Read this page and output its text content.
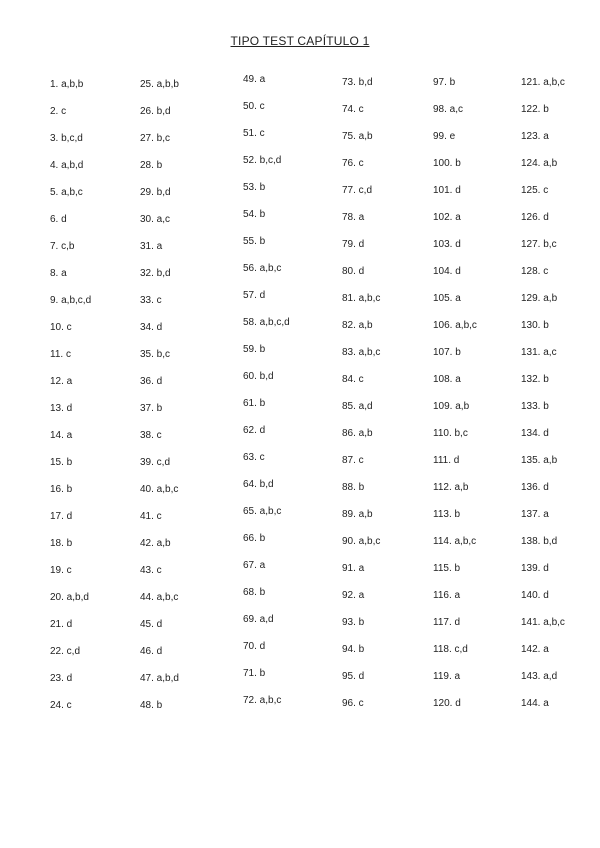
TIPO TEST CAPÍTULO 1
1. a,b,b
2. c
3. b,c,d
4. a,b,d
5. a,b,c
6. d
7. c,b
8. a
9. a,b,c,d
10. c
11. c
12. a
13. d
14. a
15. b
16. b
17. d
18. b
19. c
20. a,b,d
21. d
22. c,d
23. d
24. c
25. a,b,b
26. b,d
27. b,c
28. b
29. b,d
30. a,c
31. a
32. b,d
33. c
34. d
35. b,c
36. d
37. b
38. c
39. c,d
40. a,b,c
41. c
42. a,b
43. c
44. a,b,c
45. d
46. d
47. a,b,d
48. b
49. a
50. c
51. c
52. b,c,d
53. b
54. b
55. b
56. a,b,c
57. d
58. a,b,c,d
59. b
60. b,d
61. b
62. d
63. c
64. b,d
65. a,b,c
66. b
67. a
68. b
69. a,d
70. d
71. b
72. a,b,c
73. b,d
74. c
75. a,b
76. c
77. c,d
78. a
79. d
80. d
81. a,b,c
82. a,b
83. a,b,c
84. c
85. a,d
86. a,b
87. c
88. b
89. a,b
90. a,b,c
91. a
92. a
93. b
94. b
95. d
96. c
97. b
98. a,c
99. e
100. b
101. d
102. a
103. d
104. d
105. a
106. a,b,c
107. b
108. a
109. a,b
110. b,c
111. d
112. a,b
113. b
114. a,b,c
115. b
116. a
117. d
118. c,d
119. a
120. d
121. a,b,c
122. b
123. a
124. a,b
125. c
126. d
127. b,c
128. c
129. a,b
130. b
131. a,c
132. b
133. b
134. d
135. a,b
136. d
137. a
138. b,d
139. d
140. d
141. a,b,c
142. a
143. a,d
144. a
